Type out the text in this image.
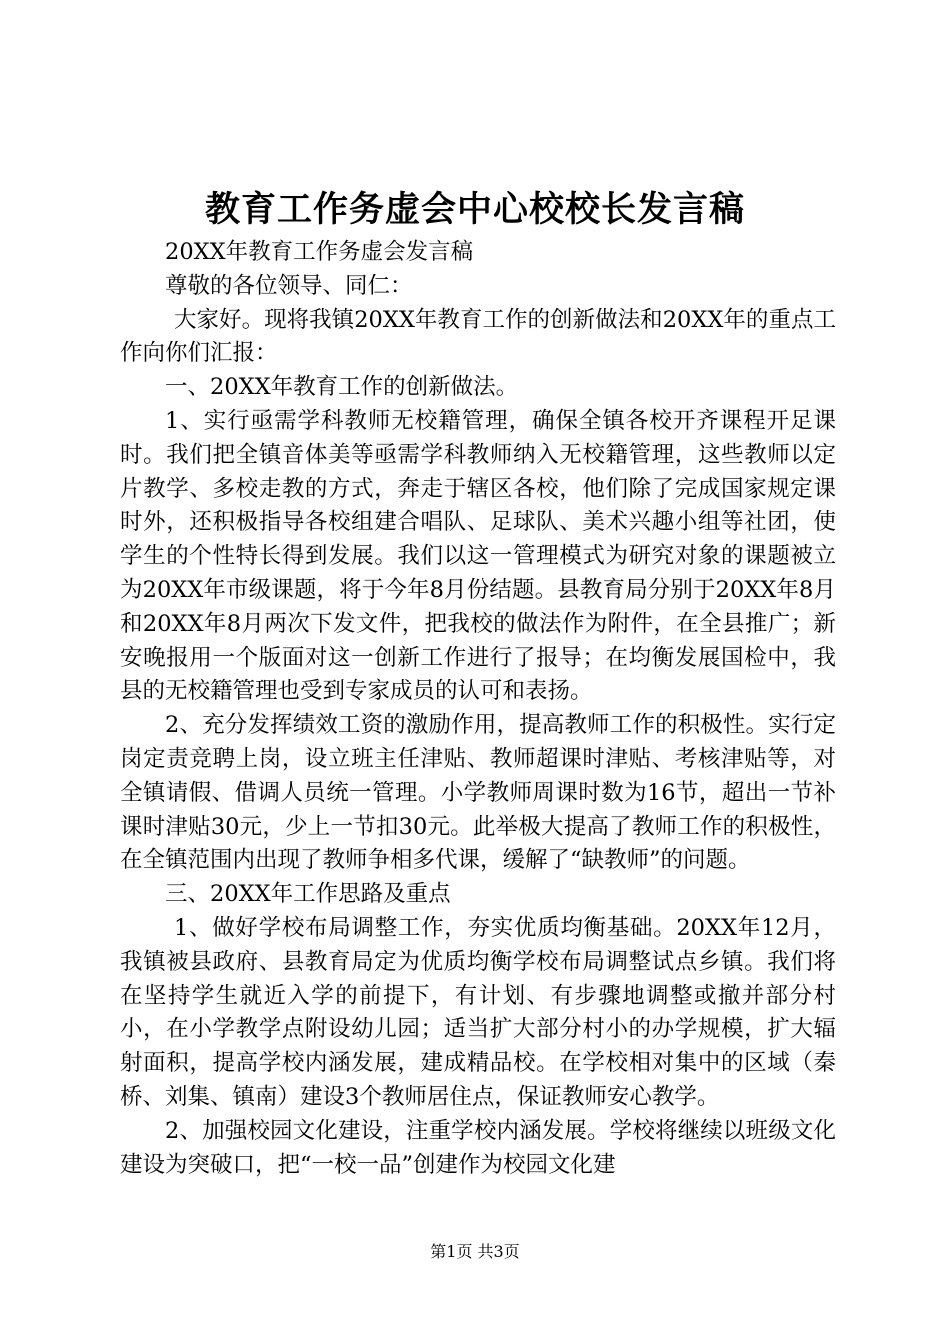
教育工作务虚会中心校校长发言稿

20XX年教育工作务虚会发言稿

尊敬的各位领导、同仁：

大家好。现将我镇20XX年教育工作的创新做法和20XX年的重点工作向你们汇报：

一、20XX年教育工作的创新做法。

1、实行亟需学科教师无校籍管理，确保全镇各校开齐课程开足课时。我们把全镇音体美等亟需学科教师纳入无校籍管理，这些教师以定片教学、多校走教的方式，奔走于辖区各校，他们除了完成国家规定课时外，还积极指导各校组建合唱队、足球队、美术兴趣小组等社团，使学生的个性特长得到发展。我们以这一管理模式为研究对象的课题被立为20XX年市级课题，将于今年8月份结题。县教育局分别于20XX年8月和20XX年8月两次下发文件，把我校的做法作为附件，在全县推广；新安晚报用一个版面对这一创新工作进行了报导；在均衡发展国检中，我县的无校籍管理也受到专家成员的认可和表扬。

2、充分发挥绩效工资的激励作用，提高教师工作的积极性。实行定岗定责竞聘上岗，设立班主任津贴、教师超课时津贴、考核津贴等，对全镇请假、借调人员统一管理。小学教师周课时数为16节，超出一节补课时津贴30元，少上一节扣30元。此举极大提高了教师工作的积极性，在全镇范围内出现了教师争相多代课，缓解了“缺教师”的问题。

三、20XX年工作思路及重点

1、做好学校布局调整工作，夯实优质均衡基础。20XX年12月，我镇被县政府、县教育局定为优质均衡学校布局调整试点乡镇。我们将在坚持学生就近入学的前提下，有计划、有步骤地调整或撤并部分村小，在小学教学点附设幼儿园；适当扩大部分村小的办学规模，扩大辐射面积，提高学校内涵发展，建成精品校。在学校相对集中的区域（秦桥、刘集、镇南）建设3个教师居住点，保证教师安心教学。

2、加强校园文化建设，注重学校内涵发展。学校将继续以班级文化建设为突破口，把“一校一品”创建作为校园文化建

第1页 共3页
